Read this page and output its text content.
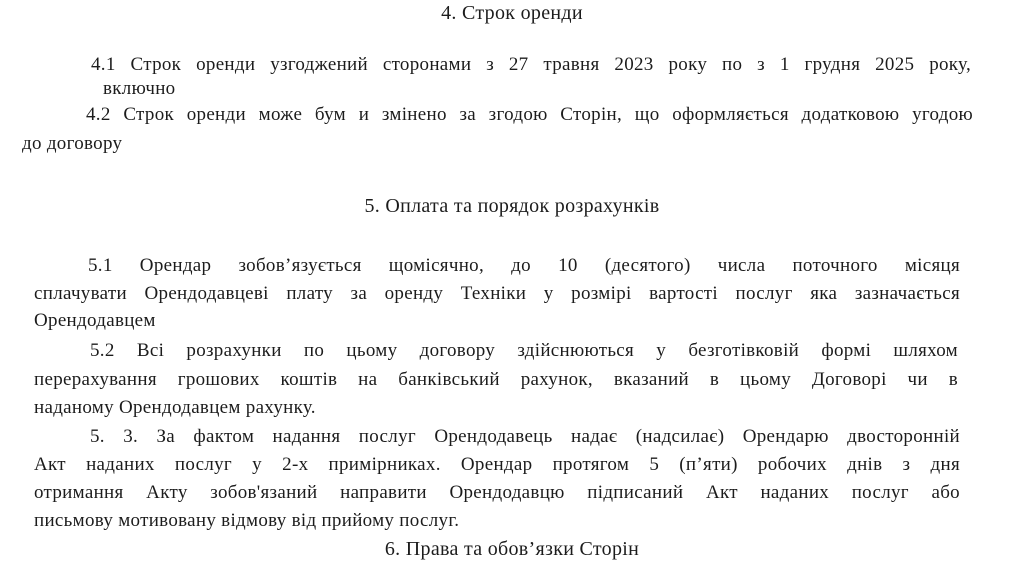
4. Строк оренди
4.1 Строк оренди узгоджений сторонами з 27 травня 2023 року по з 1 грудня 2025 року,
включно
4.2 Строк оренди може бум и змінено за згодою Сторін, що оформляється додатковою угодою
до договору
5. Оплата та порядок розрахунків
5.1 Орендар зобов’язується щомісячно, до 10 (десятого) числа поточного місяця
сплачувати Орендодавцеві плату за оренду Техніки у розмірі вартості послуг яка зазначається
Орендодавцем
5.2 Всі розрахунки по цьому договору здійснюються у безготівковій формі шляхом
перерахування грошових коштів на банківський рахунок, вказаний в цьому Договорі чи в
наданому Орендодавцем рахунку.
5. 3. За фактом надання послуг Орендодавець надає (надсилає) Орендарю двосторонній
Акт наданих послуг у 2-х примірниках. Орендар протягом 5 (п’яти) робочих днів з дня
отримання Акту зобов'язаний направити Орендодавцю підписаний Акт наданих послуг або
письмову мотивовану відмову від прийому послуг.
6. Права та обов’язки Сторін
